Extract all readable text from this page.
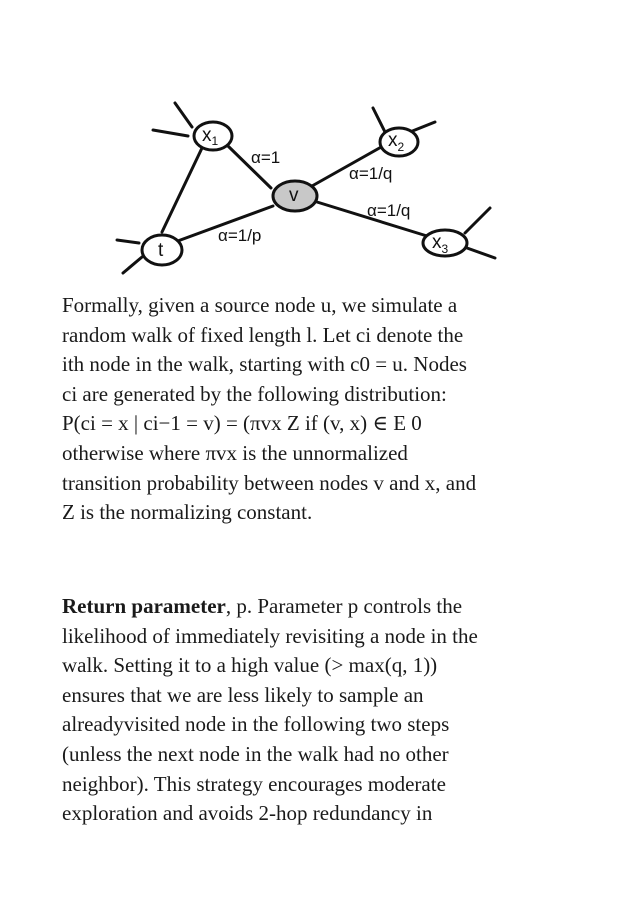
$x_1$	$x_2$
$x_3$
v
t
α=1
α=1/q
α=1/q
α=1/p

Formally, given a source node u, we simulate a
random walk of fixed length l. Let ci denote the
ith node in the walk, starting with c0 = u. Nodes
ci are generated by the following distribution:
P(ci = x | ci−1 = v) = (πvx Z if (v, x) ∈ E 0
otherwise where πvx is the unnormalized
transition probability between nodes v and x, and
Z is the normalizing constant.

Return parameter, p. Parameter p controls the
likelihood of immediately revisiting a node in the
walk. Setting it to a high value (> max(q, 1))
ensures that we are less likely to sample an
alreadyvisited node in the following two steps
(unless the next node in the walk had no other
neighbor). This strategy encourages moderate
exploration and avoids 2-hop redundancy in
